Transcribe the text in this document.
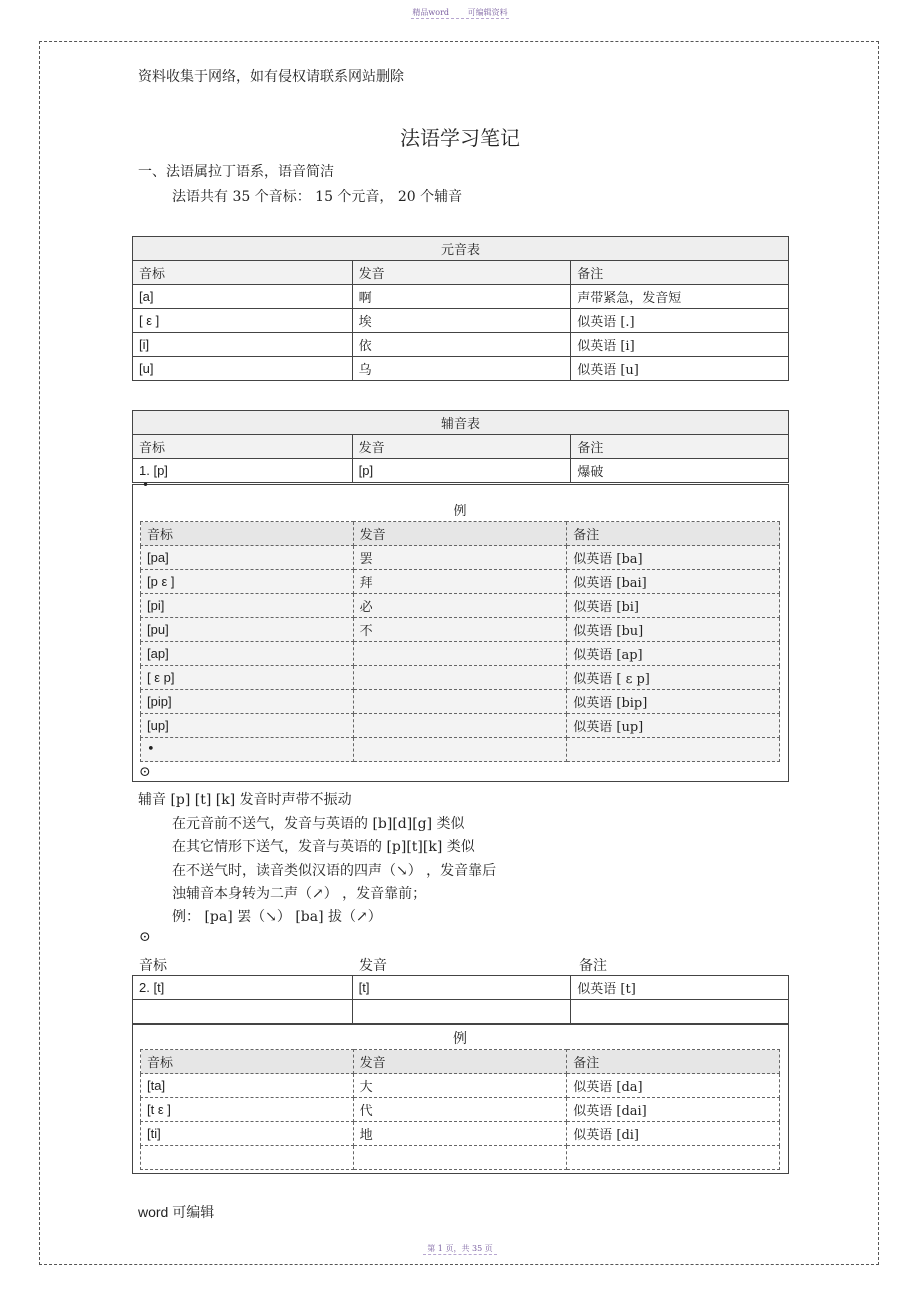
精品word 可编辑资料
资料收集于网络，如有侵权请联系网站删除
法语学习笔记
一、法语属拉丁语系，语音简洁
法语共有 35 个音标： 15 个元音， 20 个辅音
元音表		
音标	发音	备注
[a]	啊	声带紧急，发音短
[ ε ]	埃	似英语 [.]
[i]	依	似英语 [i]
[u]	乌	似英语 [u]
辅音表		
音标	发音	备注
1. [p]	[p]	爆破
•
例		
音标	发音	备注
[pa]	罢	似英语 [ba]
[p ε ]	拜	似英语 [bai]
[pi]	必	似英语 [bi]
[pu]	不	似英语 [bu]
[ap]		似英语 [ap]
[ ε p]		似英语 [ ε p]
[pip]		似英语 [bip]
[up]		似英语 [up]
•		
⊙
辅音 [p] [t] [k] 发音时声带不振动
在元音前不送气，发音与英语的 [b][d][g] 类似
在其它情形下送气，发音与英语的 [p][t][k] 类似
在不送气时，读音类似汉语的四声（↘） ，发音靠后
浊辅音本身转为二声（↗） ，发音靠前；
例： [pa] 罢（↘） [ba] 拔（↗）
⊙
音标	发音	备注
2. [t]	[t]	似英语 [t]

例
音标	发音	备注
[ta]	大	似英语 [da]
[t ε ]	代	似英语 [dai]
[ti]	地	似英语 [di]

word 可编辑
第 1 页，共 35 页
